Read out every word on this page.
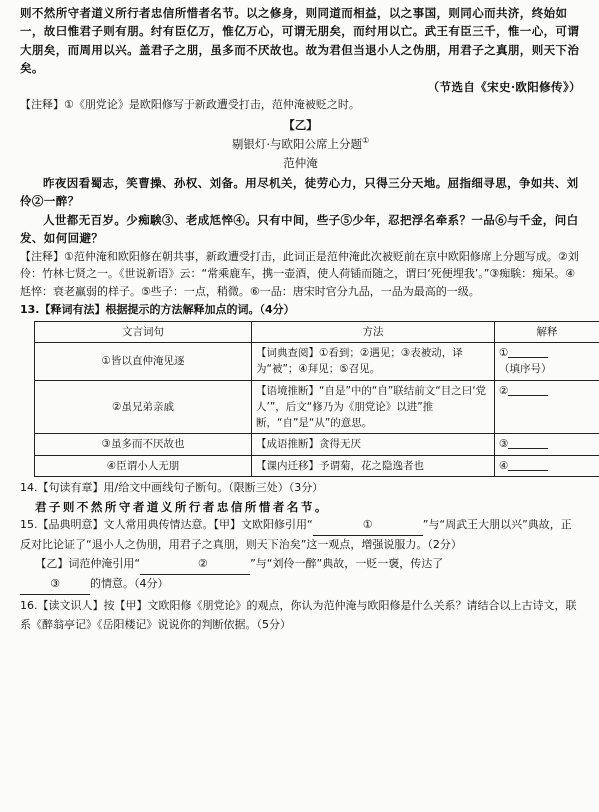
则不然所守者道义所行者忠信所惜者名节。以之修身，则同道而相益，以之事国，则同心而共济，终始如一，故曰惟君子则有朋。纣有臣亿万，惟亿万心，可谓无朋矣，而纣用以亡。武王有臣三千，惟一心，可谓大朋矣，而周用以兴。盖君子之朋，虽多而不厌故也。故为君但当退小人之伪朋，用君子之真朋，则天下治矣。

（节选自《宋史·欧阳修传》）

【注释】①《朋党论》是欧阳修写于新政遭受打击，范仲淹被贬之时。

【乙】

剔银灯·与欧阳公席上分题①

范仲淹

昨夜因看蜀志，笑曹操、孙权、刘备。用尽机关，徒劳心力，只得三分天地。屈指细寻思，争如共、刘伶②一醉？

人世都无百岁。少痴騃③、老成尪悴④。只有中间，些子⑤少年，忍把浮名牵系？一品⑥与千金，问白发、如何回避？

【注释】①范仲淹和欧阳修在朝共事，新政遭受打击，此词正是范仲淹此次被贬前在京中欧阳修席上分题写成。②刘伶：竹林七贤之一。《世说新语》云：“常乘鹿车，携一壶酒，使人荷锸而随之，谓曰‘死便埋我’。”③痴騃：痴呆。④尪悴：衰老羸弱的样子。⑤些子：一点，稍微。⑥一品：唐宋时官分九品，一品为最高的一级。

13.【释词有法】根据提示的方法解释加点的词。（4分）

文言词句	方法	解释
①皆以直仲淹见逐	【词典查阅】①看到；②遇见；③表被动，译为“被”；④拜见；⑤召见。	①
（填序号）
②虽兄弟亲戚	【语境推断】“自是”中的“自”联结前文“目之曰‘党人’”，后文“修乃为《朋党论》以进”推断，“自”是“从”的意思。	②
③虽多而不厌故也	【成语推断】贪得无厌	③
④臣谓小人无朋	【课内迁移】予谓菊，花之隐逸者也	④

14.【句读有章】用/给文中画线句子断句。（限断三处）（3分）

君子则不然所守者道义所行者忠信所惜者名节。

15.【品典明意】文人常用典传情达意。【甲】文欧阳修引用“	①	”与“周武王大朋以兴”典故，正反对比论证了“退小人之伪朋，用君子之真朋，则天下治矣”这一观点，增强说服力。（2分）

【乙】词范仲淹引用“	②	”与“刘伶一醉”典故，一贬一褒，传达了

③	的情意。（4分）

16.【读文识人】按【甲】文欧阳修《朋党论》的观点，你认为范仲淹与欧阳修是什么关系？请结合以上古诗文，联系《醉翁亭记》《岳阳楼记》说说你的判断依据。（5分）
